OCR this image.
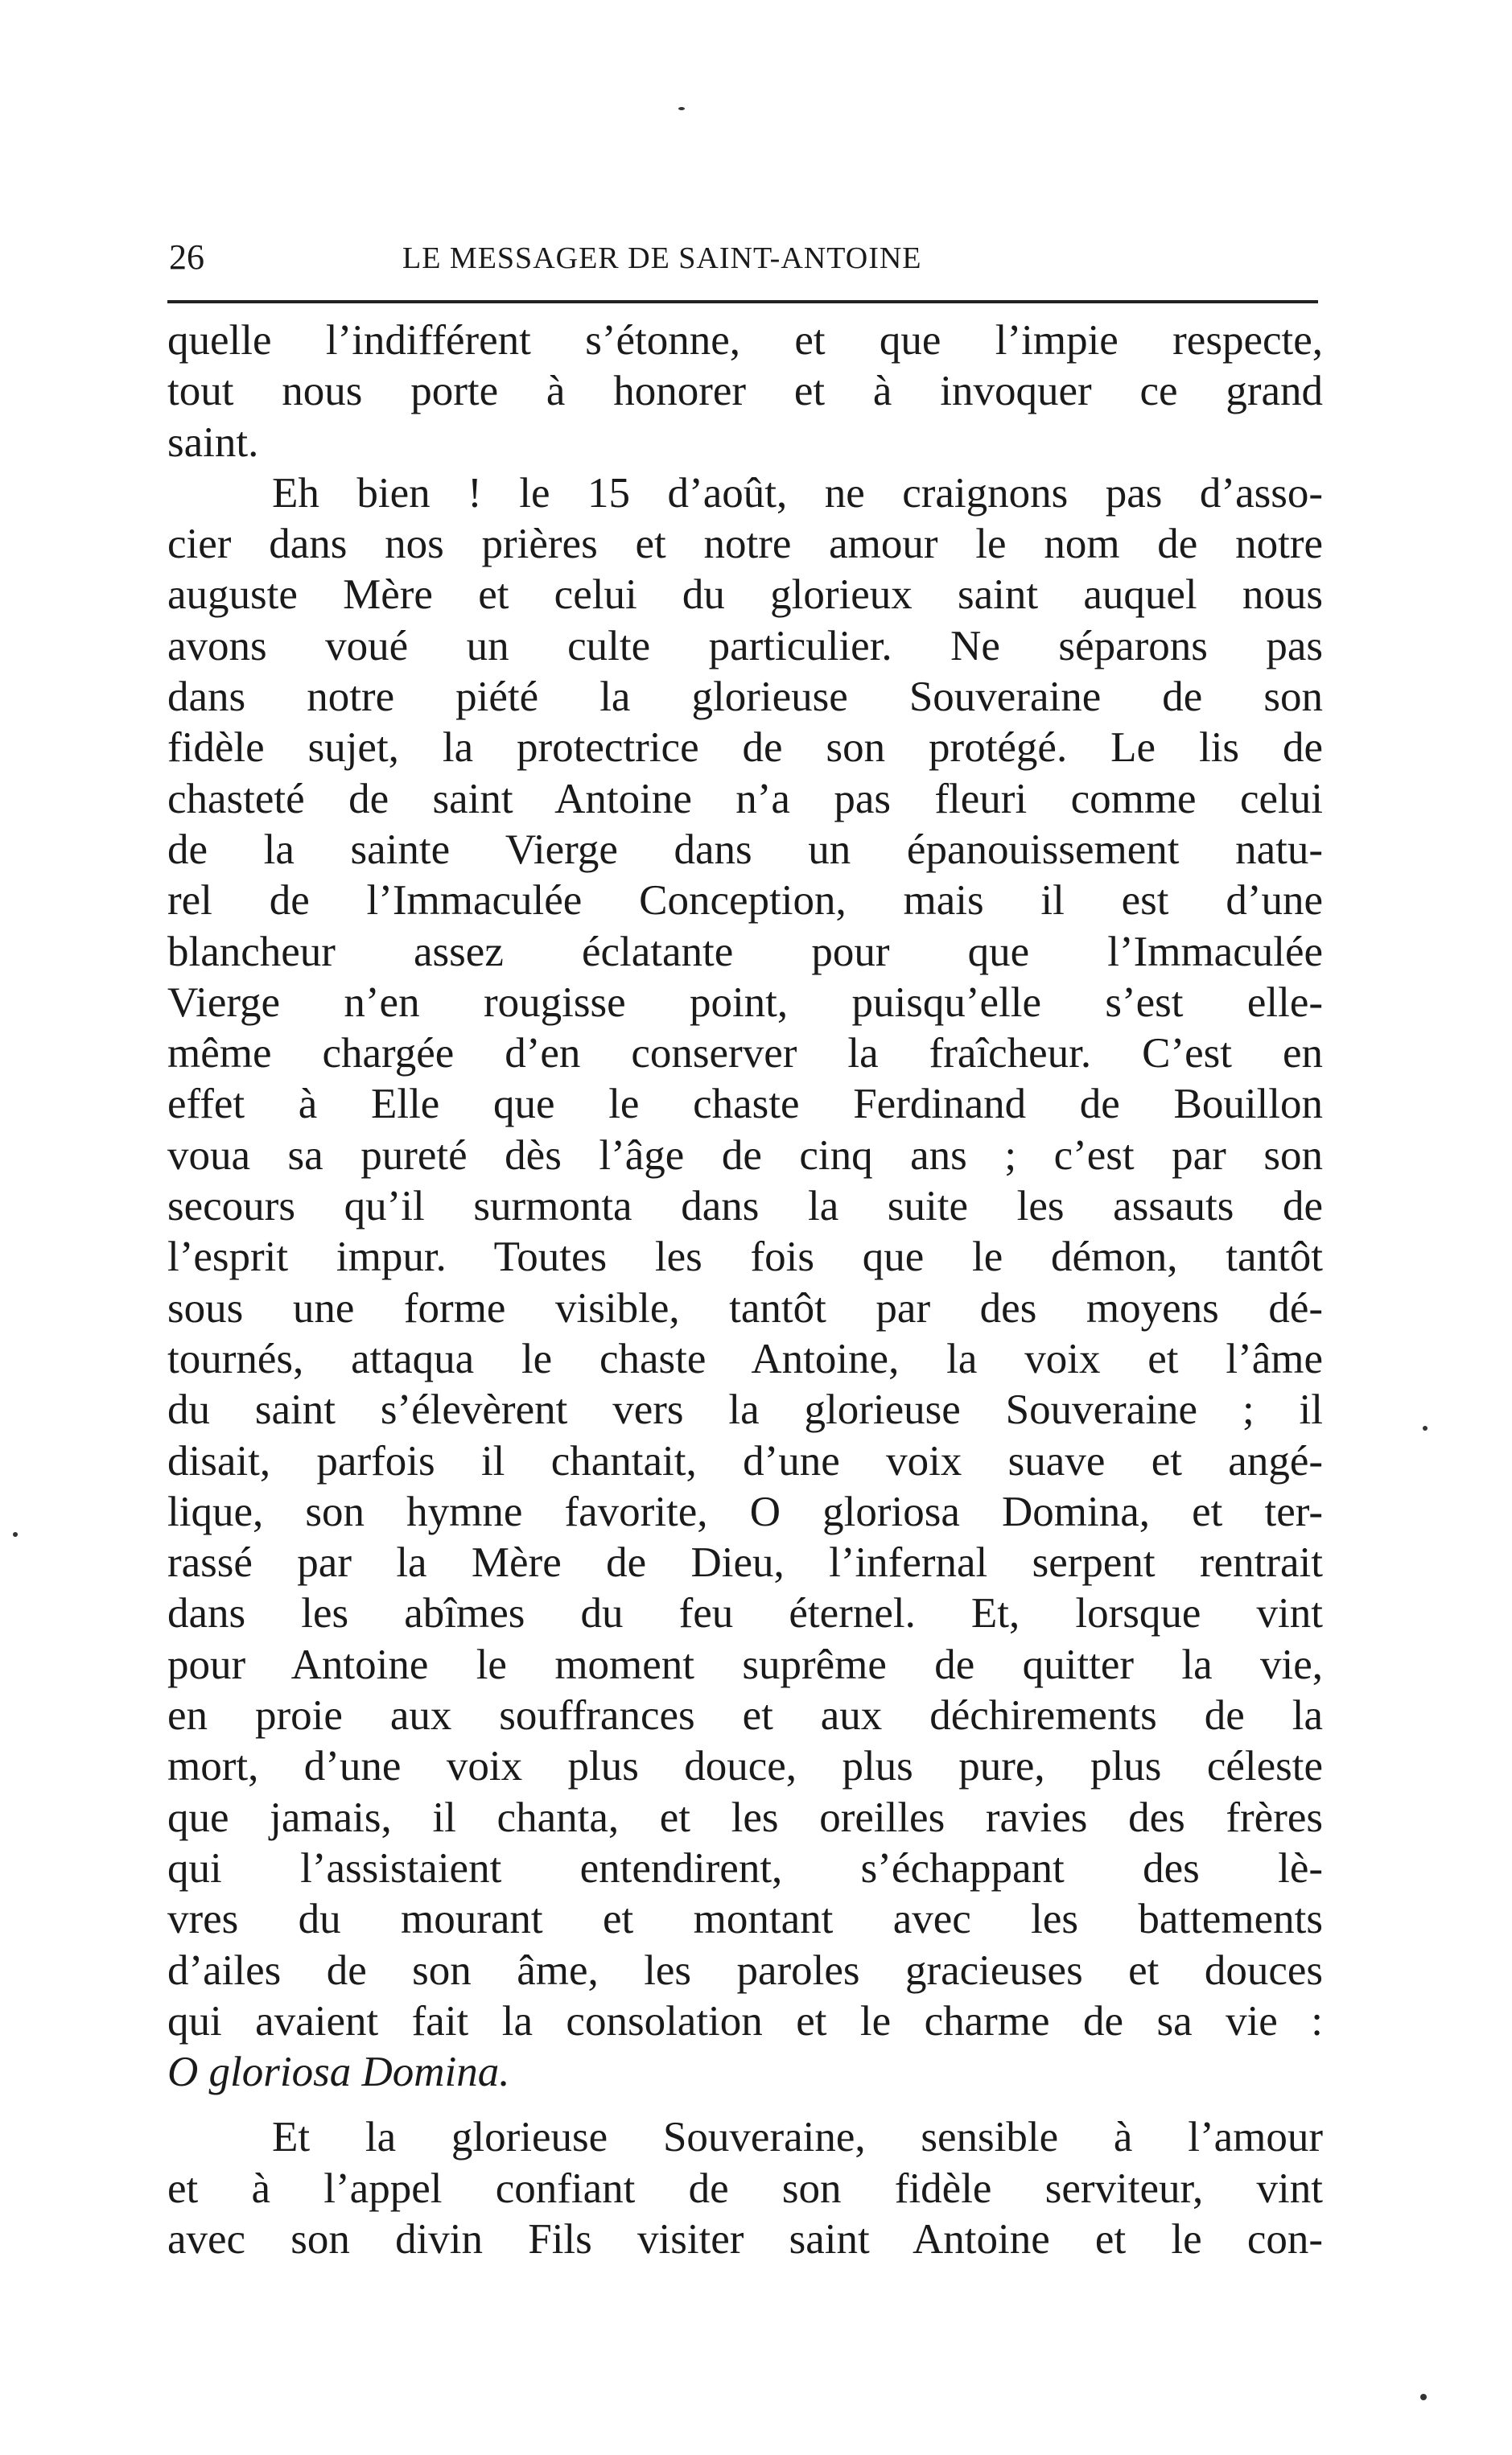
26	LE MESSAGER DE SAINT-ANTOINE
quelle l’indifférent s’étonne, et que l’impie respecte,
tout nous porte à honorer et à invoquer ce grand
saint.
Eh bien ! le 15 d’août, ne craignons pas d’asso-
cier dans nos prières et notre amour le nom de notre
auguste Mère et celui du glorieux saint auquel nous
avons voué un culte particulier. Ne séparons pas
dans notre piété la glorieuse Souveraine de son
fidèle sujet, la protectrice de son protégé. Le lis de
chasteté de saint Antoine n’a pas fleuri comme celui
de la sainte Vierge dans un épanouissement natu-
rel de l’Immaculée Conception, mais il est d’une
blancheur assez éclatante pour que l’Immaculée
Vierge n’en rougisse point, puisqu’elle s’est elle-
même chargée d’en conserver la fraîcheur. C’est en
effet à Elle que le chaste Ferdinand de Bouillon
voua sa pureté dès l’âge de cinq ans ; c’est par son
secours qu’il surmonta dans la suite les assauts de
l’esprit impur. Toutes les fois que le démon, tantôt
sous une forme visible, tantôt par des moyens dé-
tournés, attaqua le chaste Antoine, la voix et l’âme
du saint s’élevèrent vers la glorieuse Souveraine ; il
disait, parfois il chantait, d’une voix suave et angé-
lique, son hymne favorite, O gloriosa Domina, et ter-
rassé par la Mère de Dieu, l’infernal serpent rentrait
dans les abîmes du feu éternel. Et, lorsque vint
pour Antoine le moment suprême de quitter la vie,
en proie aux souffrances et aux déchirements de la
mort, d’une voix plus douce, plus pure, plus céleste
que jamais, il chanta, et les oreilles ravies des frères
qui l’assistaient entendirent, s’échappant des lè-
vres du mourant et montant avec les battements
d’ailes de son âme, les paroles gracieuses et douces
qui avaient fait la consolation et le charme de sa vie :
O gloriosa Domina.
Et la glorieuse Souveraine, sensible à l’amour
et à l’appel confiant de son fidèle serviteur, vint
avec son divin Fils visiter saint Antoine et le con-
